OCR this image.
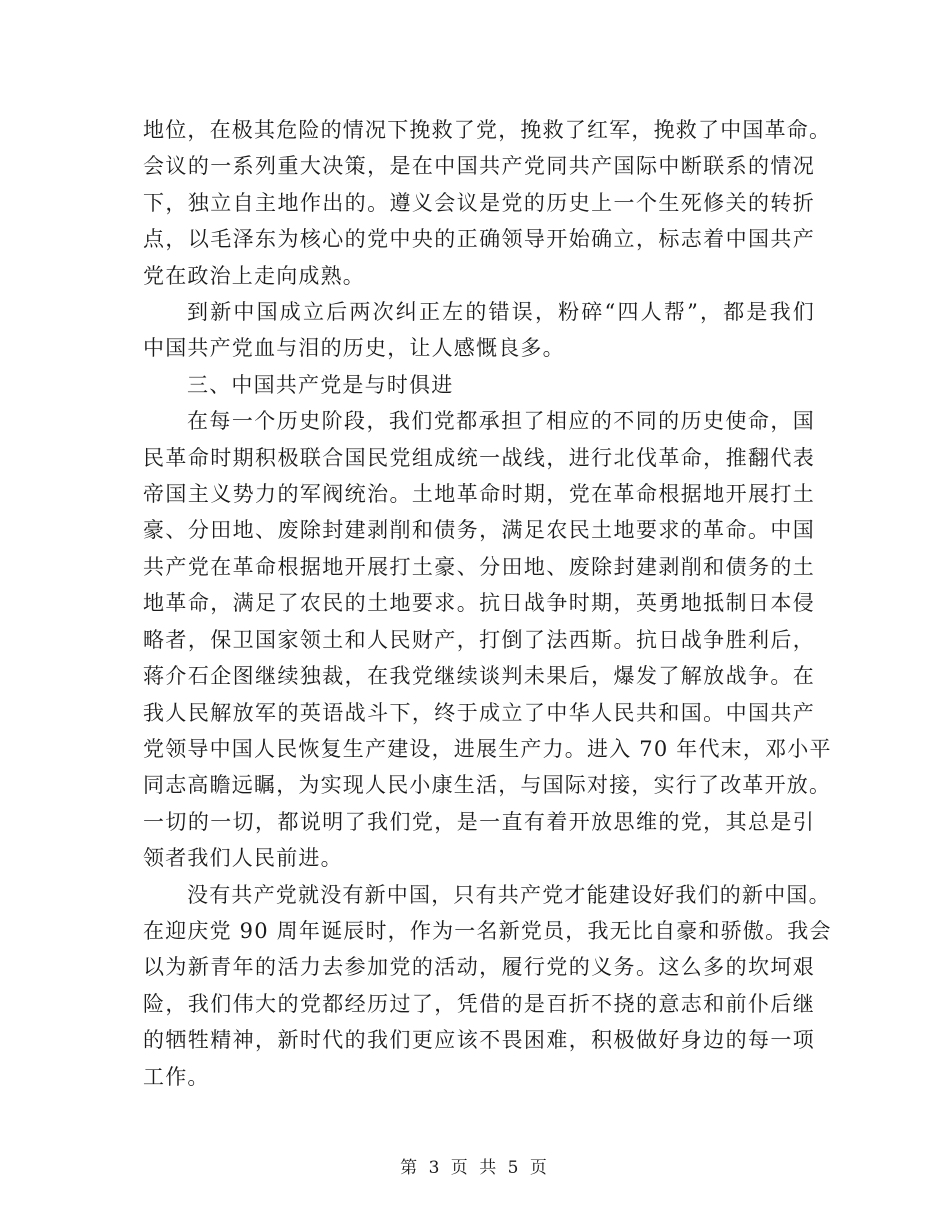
地位，在极其危险的情况下挽救了党，挽救了红军，挽救了中国革命。
会议的一系列重大决策，是在中国共产党同共产国际中断联系的情况
下，独立自主地作出的。遵义会议是党的历史上一个生死修关的转折
点，以毛泽东为核心的党中央的正确领导开始确立，标志着中国共产
党在政治上走向成熟。

到新中国成立后两次纠正左的错误，粉碎“四人帮”，都是我们
中国共产党血与泪的历史，让人感慨良多。

三、中国共产党是与时俱进

在每一个历史阶段，我们党都承担了相应的不同的历史使命，国
民革命时期积极联合国民党组成统一战线，进行北伐革命，推翻代表
帝国主义势力的军阀统治。土地革命时期，党在革命根据地开展打土
豪、分田地、废除封建剥削和债务，满足农民土地要求的革命。中国
共产党在革命根据地开展打土豪、分田地、废除封建剥削和债务的土
地革命，满足了农民的土地要求。抗日战争时期，英勇地抵制日本侵
略者，保卫国家领土和人民财产，打倒了法西斯。抗日战争胜利后，
蒋介石企图继续独裁，在我党继续谈判未果后，爆发了解放战争。在
我人民解放军的英语战斗下，终于成立了中华人民共和国。中国共产
党领导中国人民恢复生产建设，进展生产力。进入 70 年代末，邓小平
同志高瞻远瞩，为实现人民小康生活，与国际对接，实行了改革开放。
一切的一切，都说明了我们党，是一直有着开放思维的党，其总是引
领者我们人民前进。

没有共产党就没有新中国，只有共产党才能建设好我们的新中国。
在迎庆党 90 周年诞辰时，作为一名新党员，我无比自豪和骄傲。我会
以为新青年的活力去参加党的活动，履行党的义务。这么多的坎坷艰
险，我们伟大的党都经历过了，凭借的是百折不挠的意志和前仆后继
的牺牲精神，新时代的我们更应该不畏困难，积极做好身边的每一项
工作。

第 3 页 共 5 页
